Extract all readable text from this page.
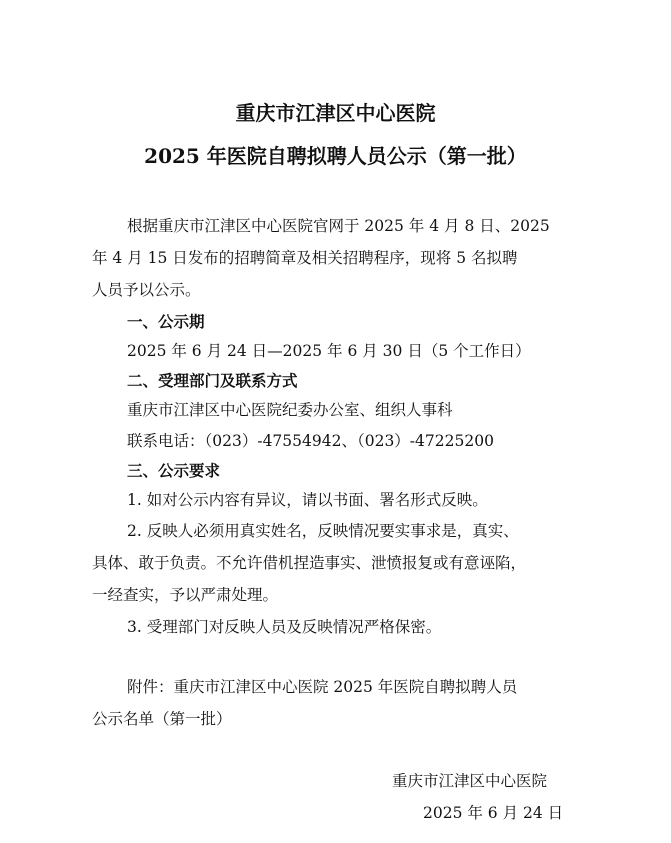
重庆市江津区中心医院
2025 年医院自聘拟聘人员公示（第一批）
根据重庆市江津区中心医院官网于 2025 年 4 月 8 日、2025
年 4 月 15 日发布的招聘简章及相关招聘程序，现将 5 名拟聘
人员予以公示。
一、公示期
2025 年 6 月 24 日—2025 年 6 月 30 日（5 个工作日）
二、受理部门及联系方式
重庆市江津区中心医院纪委办公室、组织人事科
联系电话：（023）-47554942、（023）-47225200
三、公示要求
1. 如对公示内容有异议，请以书面、署名形式反映。
2. 反映人必须用真实姓名，反映情况要实事求是，真实、
具体、敢于负责。不允许借机捏造事实、泄愤报复或有意诬陷，
一经查实，予以严肃处理。
3. 受理部门对反映人员及反映情况严格保密。
附件：重庆市江津区中心医院 2025 年医院自聘拟聘人员
公示名单（第一批）
重庆市江津区中心医院
2025 年 6 月 24 日
